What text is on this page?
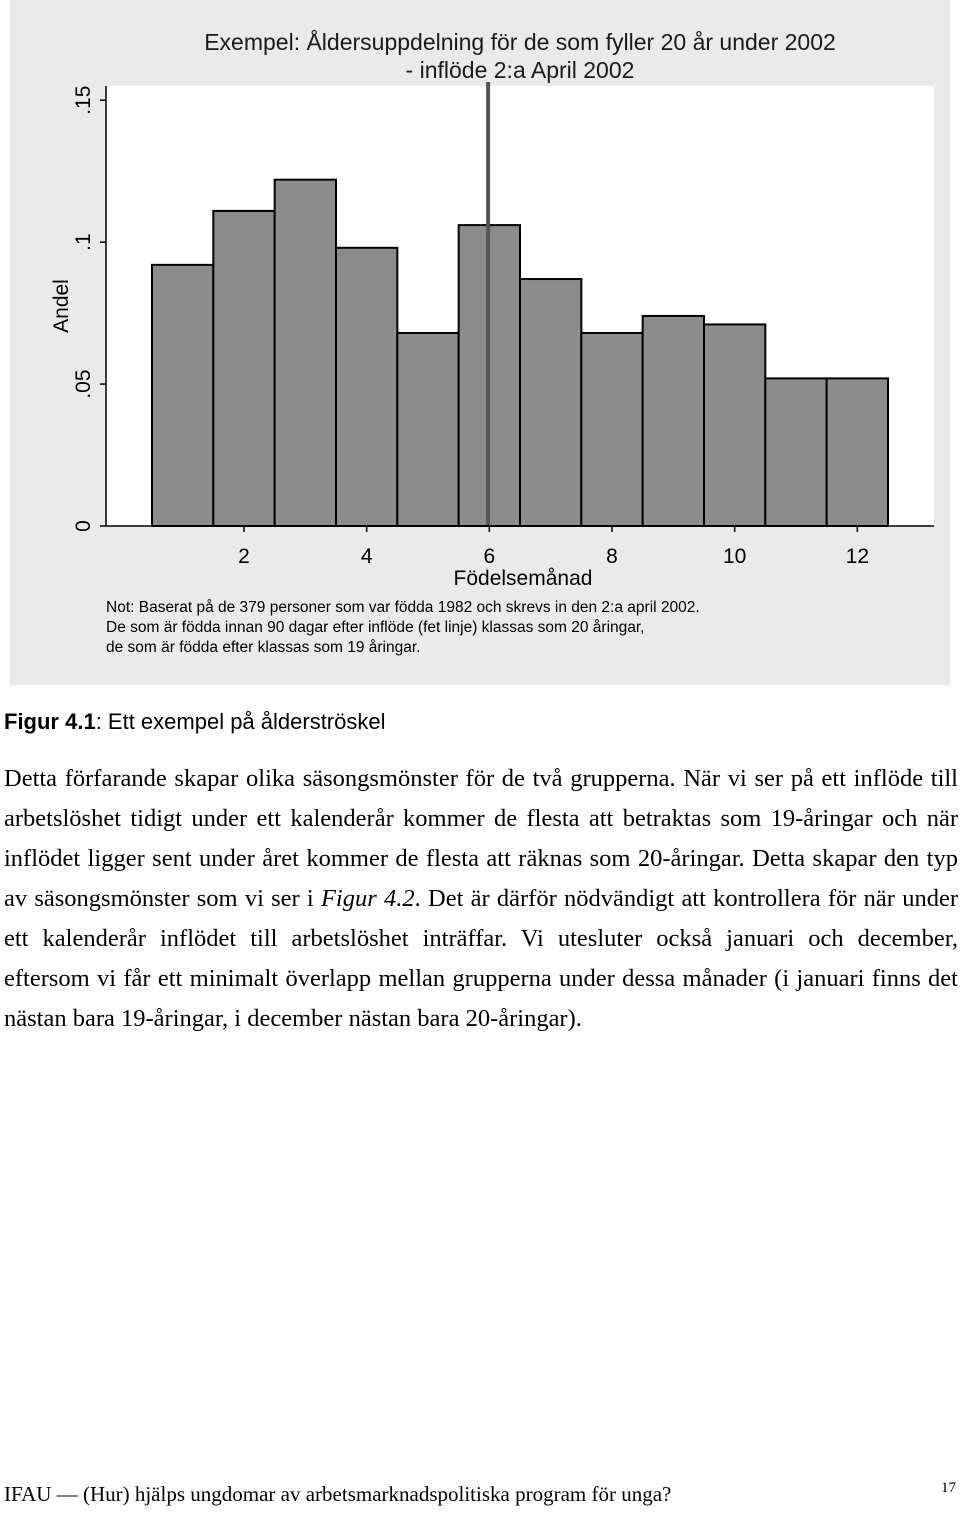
2	4	6	8	10	12
0
.05
.1
.15
Exempel: Åldersuppdelning för de som fyller 20 år under 2002
- inflöde 2:a April 2002
Födelsemånad
Andel
Not: Baserat på de 379 personer som var födda 1982 och skrevs in den 2:a april 2002.
De som är födda innan 90 dagar efter inflöde (fet linje) klassas som 20 åringar,
de som är födda efter klassas som 19 åringar.
Figur 4.1: Ett exempel på ålderströskel

Detta förfarande skapar olika säsongsmönster för de två grupperna. När vi ser på ett inflöde till arbetslöshet tidigt under ett kalenderår kommer de flesta att betraktas som 19-åringar och när inflödet ligger sent under året kommer de flesta att räknas som 20-åringar. Detta skapar den typ av säsongsmönster som vi ser i Figur 4.2. Det är därför nödvändigt att kontrollera för när under ett kalenderår inflödet till arbetslöshet inträffar. Vi utesluter också januari och december, eftersom vi får ett minimalt överlapp mellan grupperna under dessa månader (i januari finns det nästan bara 19-åringar, i december nästan bara 20-åringar).

IFAU — (Hur) hjälps ungdomar av arbetsmarknadspolitiska program för unga?	17
